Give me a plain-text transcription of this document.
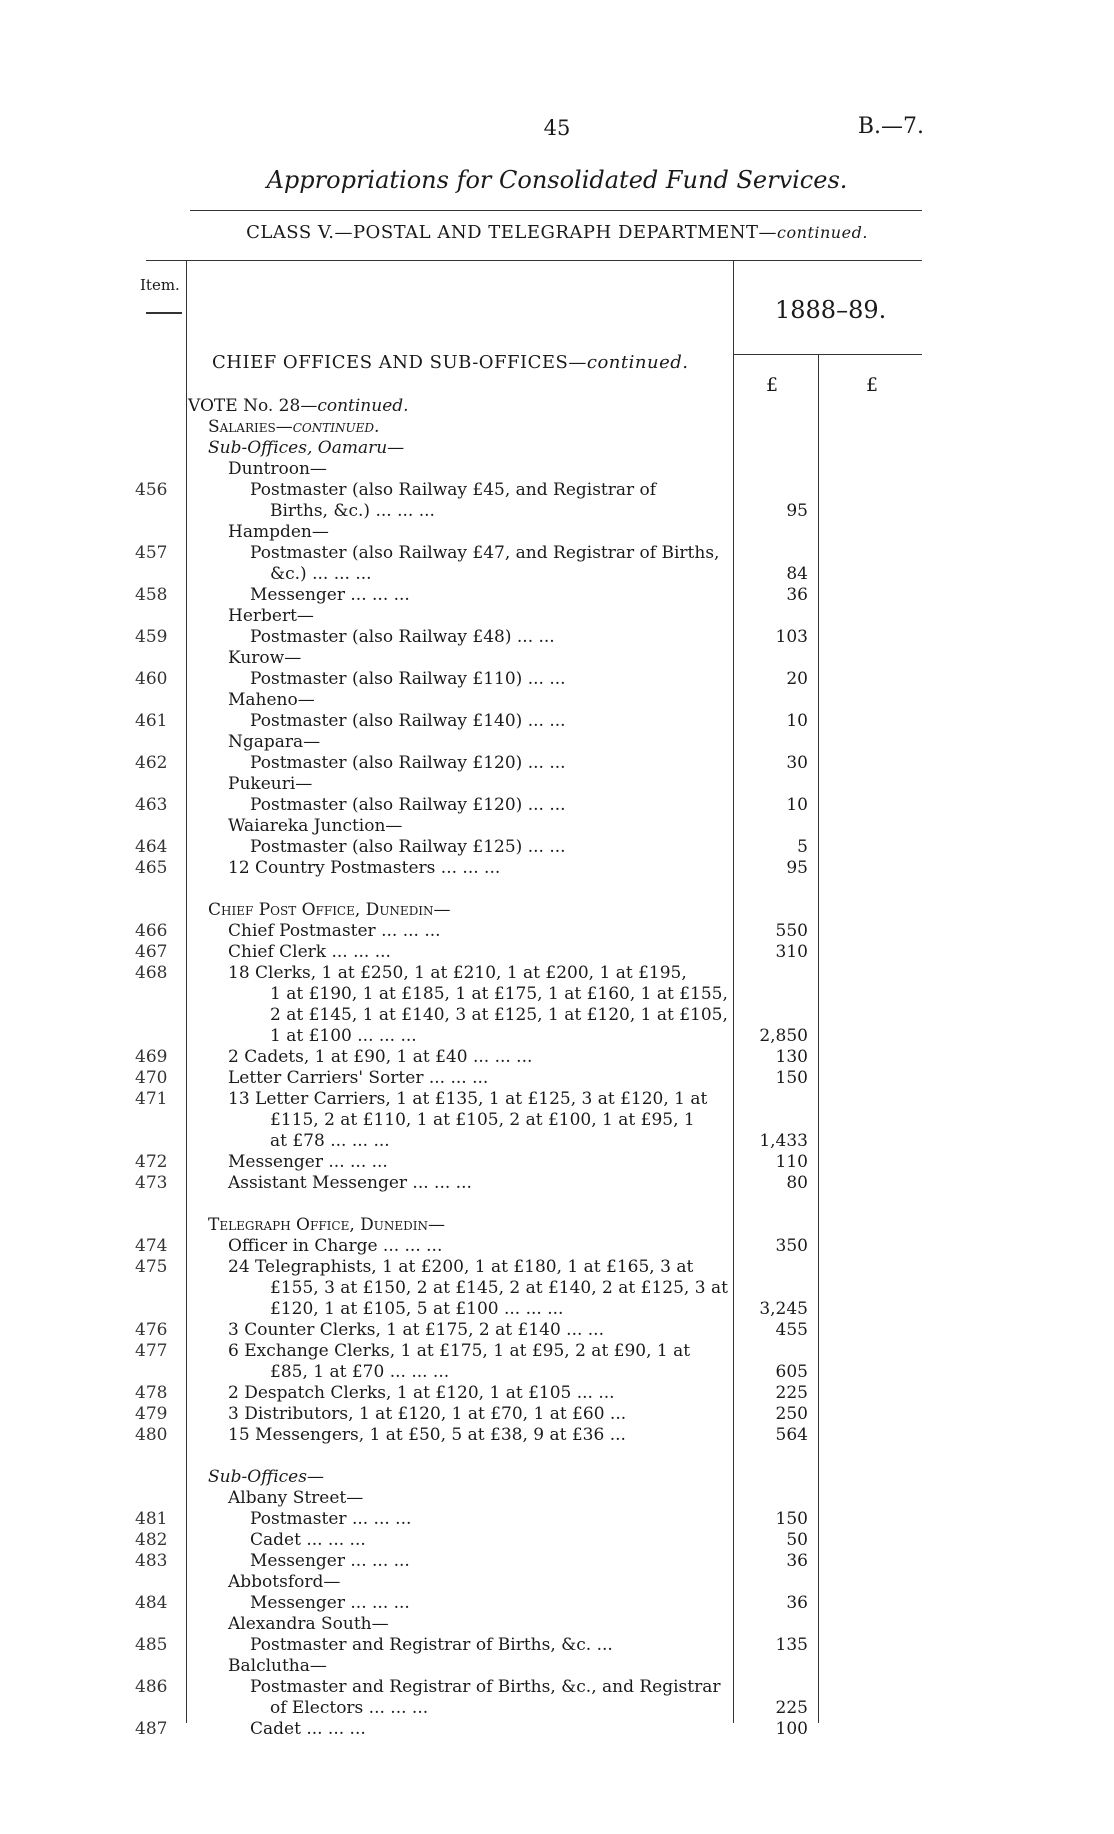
45	B.—7.
Appropriations for Consolidated Fund Services.
CLASS V.—POSTAL AND TELEGRAPH DEPARTMENT—continued.
Item.
1888–89.
£	£
CHIEF OFFICES AND SUB-OFFICES—continued.
VOTE No. 28—continued.
Salaries—continued.
Sub-Offices, Oamaru—
Duntroon—
456	Postmaster (also Railway £45, and Registrar of
Births, &c.) ... ... ...	95
Hampden—
457	Postmaster (also Railway £47, and Registrar of Births,
&c.) ... ... ...	84
458	Messenger ... ... ...	36
Herbert—
459	Postmaster (also Railway £48) ... ...	103
Kurow—
460	Postmaster (also Railway £110) ... ...	20
Maheno—
461	Postmaster (also Railway £140) ... ...	10
Ngapara—
462	Postmaster (also Railway £120) ... ...	30
Pukeuri—
463	Postmaster (also Railway £120) ... ...	10
Waiareka Junction—
464	Postmaster (also Railway £125) ... ...	5
465	12 Country Postmasters ... ... ...	95
Chief Post Office, Dunedin—
466	Chief Postmaster ... ... ...	550
467	Chief Clerk ... ... ...	310
468	18 Clerks, 1 at £250, 1 at £210, 1 at £200, 1 at £195,
1 at £190, 1 at £185, 1 at £175, 1 at £160, 1 at £155,
2 at £145, 1 at £140, 3 at £125, 1 at £120, 1 at £105,
1 at £100 ... ... ...	2,850
469	2 Cadets, 1 at £90, 1 at £40 ... ... ...	130
470	Letter Carriers' Sorter ... ... ...	150
471	13 Letter Carriers, 1 at £135, 1 at £125, 3 at £120, 1 at
£115, 2 at £110, 1 at £105, 2 at £100, 1 at £95, 1
at £78 ... ... ...	1,433
472	Messenger ... ... ...	110
473	Assistant Messenger ... ... ...	80
Telegraph Office, Dunedin—
474	Officer in Charge ... ... ...	350
475	24 Telegraphists, 1 at £200, 1 at £180, 1 at £165, 3 at
£155, 3 at £150, 2 at £145, 2 at £140, 2 at £125, 3 at
£120, 1 at £105, 5 at £100 ... ... ...	3,245
476	3 Counter Clerks, 1 at £175, 2 at £140 ... ...	455
477	6 Exchange Clerks, 1 at £175, 1 at £95, 2 at £90, 1 at
£85, 1 at £70 ... ... ...	605
478	2 Despatch Clerks, 1 at £120, 1 at £105 ... ...	225
479	3 Distributors, 1 at £120, 1 at £70, 1 at £60 ...	250
480	15 Messengers, 1 at £50, 5 at £38, 9 at £36 ...	564
Sub-Offices—
Albany Street—
481	Postmaster ... ... ...	150
482	Cadet ... ... ...	50
483	Messenger ... ... ...	36
Abbotsford—
484	Messenger ... ... ...	36
Alexandra South—
485	Postmaster and Registrar of Births, &c. ...	135
Balclutha—
486	Postmaster and Registrar of Births, &c., and Registrar
of Electors ... ... ...	225
487	Cadet ... ... ...	100
